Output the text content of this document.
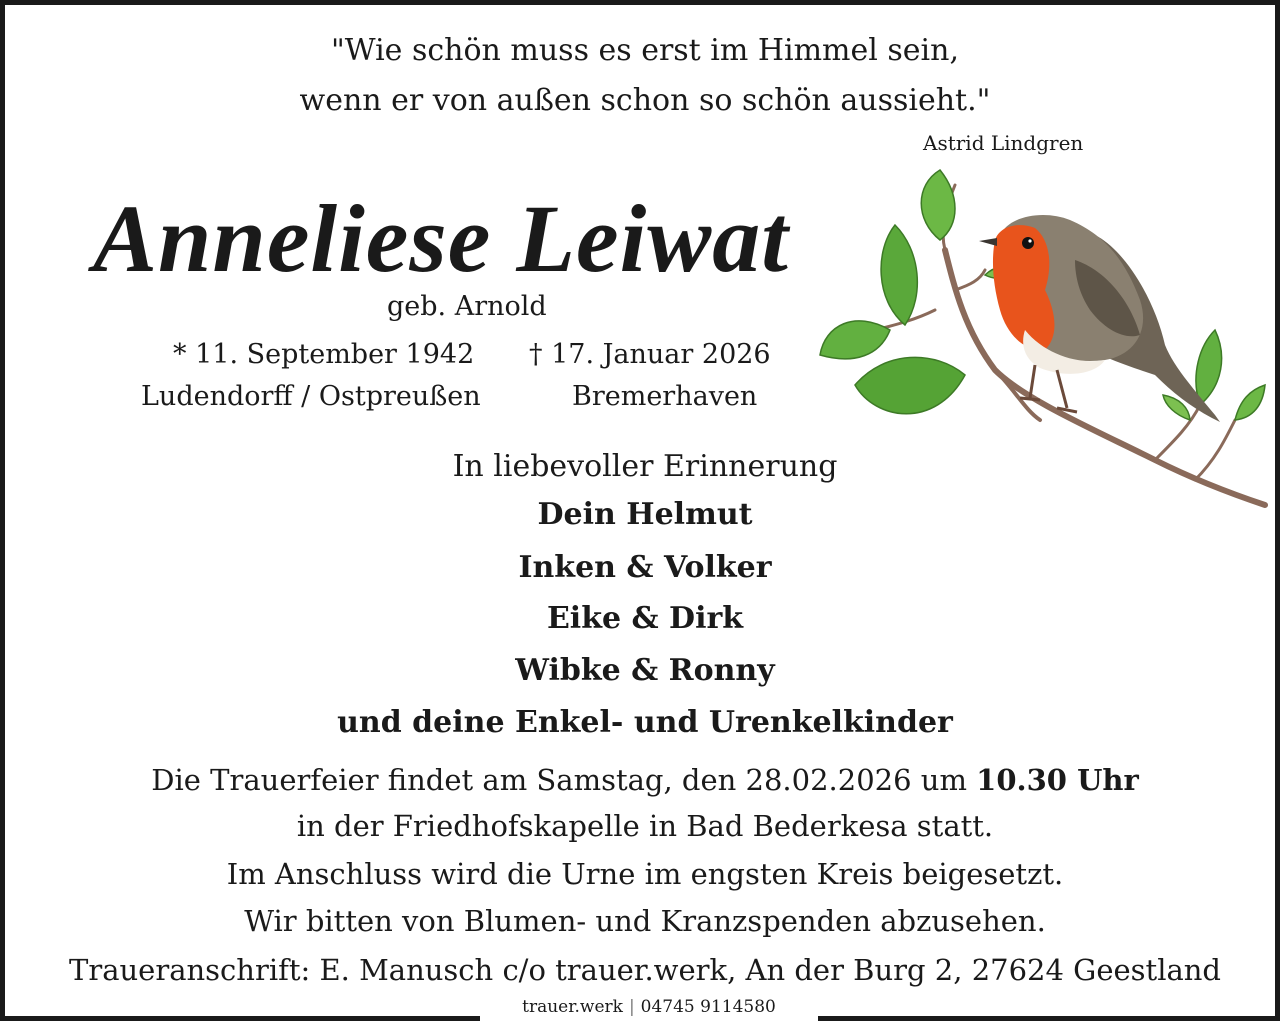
"Wie schön muss es erst im Himmel sein,
wenn er von außen schon so schön aussieht."
Astrid Lindgren
Anneliese Leiwat
geb. Arnold
* 11. September 1942 † 17. Januar 2026
Ludendorff / Ostpreußen	Bremerhaven
In liebevoller Erinnerung
Dein Helmut
Inken & Volker
Eike & Dirk
Wibke & Ronny
und deine Enkel- und Urenkelkinder
Die Trauerfeier findet am Samstag, den 28.02.2026 um 10.30 Uhr
in der Friedhofskapelle in Bad Bederkesa statt.
Im Anschluss wird die Urne im engsten Kreis beigesetzt.
Wir bitten von Blumen- und Kranzspenden abzusehen.
Traueranschrift: E. Manusch c/o trauer.werk, An der Burg 2, 27624 Geestland
trauer.werk | 04745 9114580
